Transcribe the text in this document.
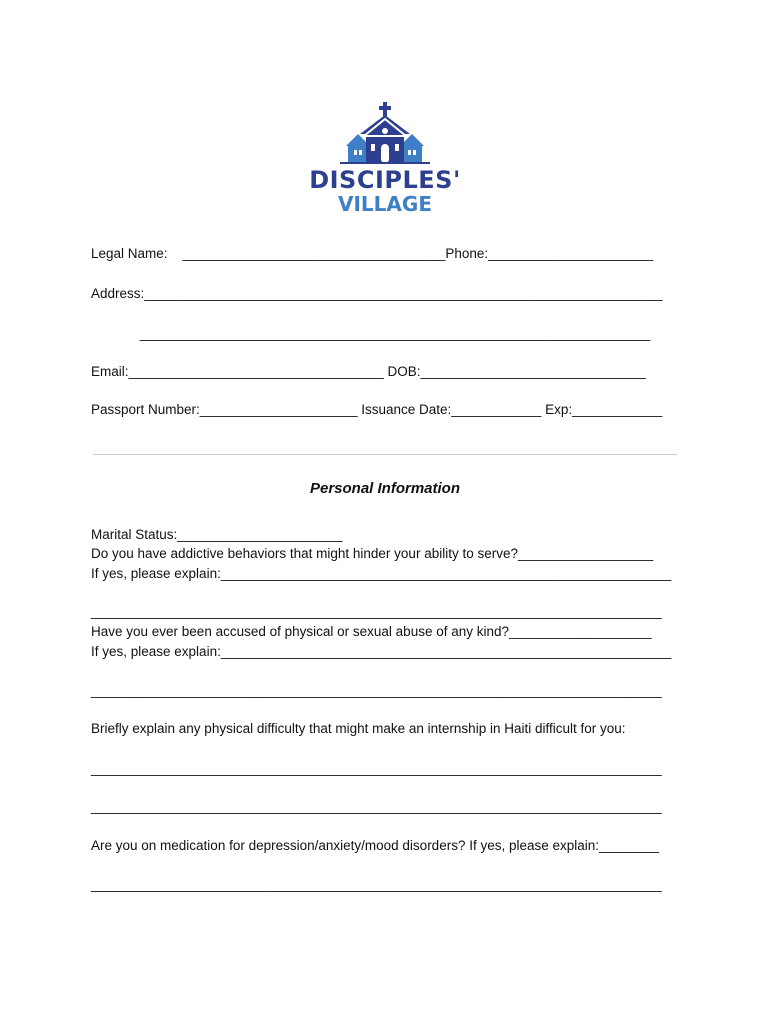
DISCIPLES'
VILLAGE
Legal Name:    ___________________________________Phone:______________________
Address:_____________________________________________________________________
____________________________________________________________________
Email:__________________________________ DOB:______________________________
Passport Number:_____________________ Issuance Date:____________ Exp:____________
Personal Information
Marital Status:______________________
Do you have addictive behaviors that might hinder your ability to serve?__________________
If yes, please explain:____________________________________________________________
____________________________________________________________________________
Have you ever been accused of physical or sexual abuse of any kind?___________________
If yes, please explain:____________________________________________________________
____________________________________________________________________________
Briefly explain any physical difficulty that might make an internship in Haiti difficult for you:
____________________________________________________________________________
____________________________________________________________________________
Are you on medication for depression/anxiety/mood disorders? If yes, please explain:________
____________________________________________________________________________
